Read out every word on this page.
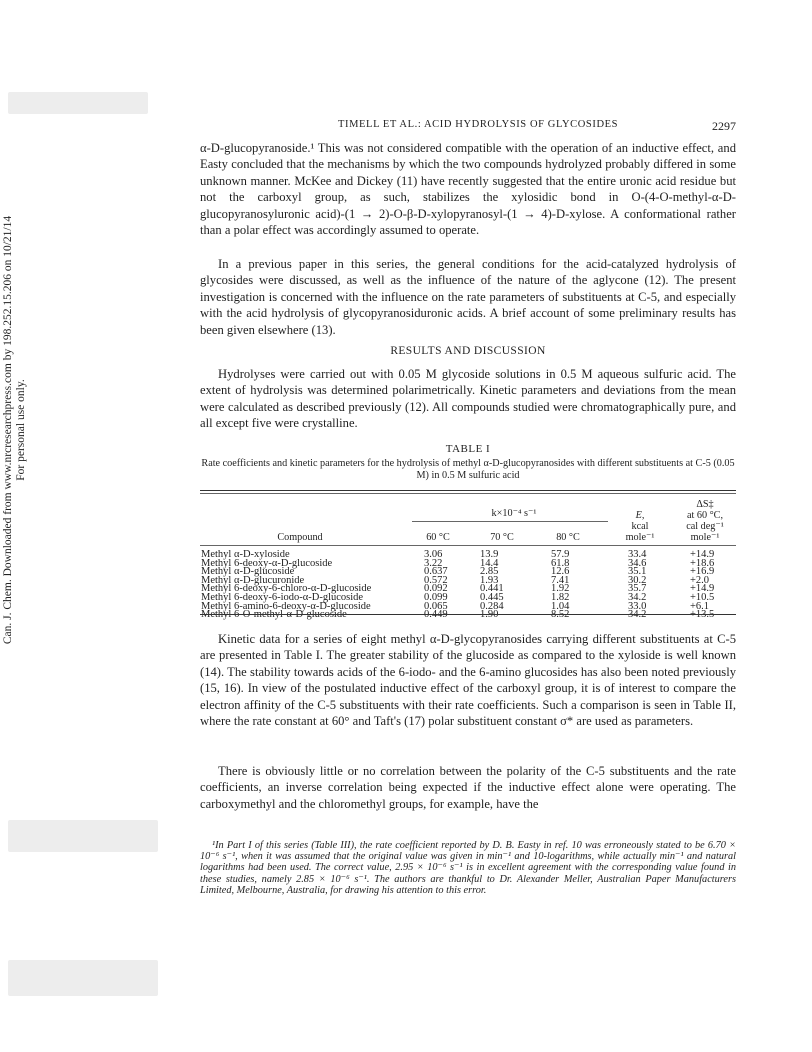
Can. J. Chem. Downloaded from www.nrcresearchpress.com by 198.252.15.206 on 10/21/14 For personal use only.
TIMELL ET AL.: ACID HYDROLYSIS OF GLYCOSIDES	2297

α-D-glucopyranoside.¹ This was not considered compatible with the operation of an inductive effect, and Easty concluded that the mechanisms by which the two compounds hydrolyzed probably differed in some unknown manner. McKee and Dickey (11) have recently suggested that the entire uronic acid residue but not the carboxyl group, as such, stabilizes the xylosidic bond in O-(4-O-methyl-α-D-glucopyranosyluronic acid)-(1 → 2)-O-β-D-xylopyranosyl-(1 → 4)-D-xylose. A conformational rather than a polar effect was accordingly assumed to operate.

In a previous paper in this series, the general conditions for the acid-catalyzed hydrolysis of glycosides were discussed, as well as the influence of the nature of the aglycone (12). The present investigation is concerned with the influence on the rate parameters of substituents at C-5, and especially with the acid hydrolysis of glycopyranosiduronic acids. A brief account of some preliminary results has been given elsewhere (13).

RESULTS AND DISCUSSION

Hydrolyses were carried out with 0.05 M glycoside solutions in 0.5 M aqueous sulfuric acid. The extent of hydrolysis was determined polarimetrically. Kinetic parameters and deviations from the mean were calculated as described previously (12). All compounds studied were chromatographically pure, and all except five were crystalline.

TABLE I
Rate coefficients and kinetic parameters for the hydrolysis of methyl α-D-glucopyranosides with different substituents at C-5 (0.05 M) in 0.5 M sulfuric acid
k×10⁻⁴ s⁻¹
Compound	60 °C	70 °C	80 °C
E,
kcal
mole⁻¹
ΔS‡
at 60 °C,
cal deg⁻¹
mole⁻¹
Methyl α-D-xyloside	3.06	13.9	57.9	33.4	+14.9
Methyl 6-deoxy-α-D-glucoside	3.22	14.4	61.8	34.6	+18.6
Methyl α-D-glucoside	0.637	2.85	12.6	35.1	+16.9
Methyl α-D-glucuronide	0.572	1.93	7.41	30.2	+2.0
Methyl 6-deoxy-6-chloro-α-D-glucoside	0.092	0.441	1.92	35.7	+14.9
Methyl 6-deoxy-6-iodo-α-D-glucoside	0.099	0.445	1.82	34.2	+10.5
Methyl 6-amino-6-deoxy-α-D-glucoside	0.065	0.284	1.04	33.0	+6.1
Methyl 6-O-methyl-α-D-glucoside	0.449	1.90	8.52	34.2	+13.5

Kinetic data for a series of eight methyl α-D-glycopyranosides carrying different substituents at C-5 are presented in Table I. The greater stability of the glucoside as compared to the xyloside is well known (14). The stability towards acids of the 6-iodo- and the 6-amino glucosides has also been noted previously (15, 16). In view of the postulated inductive effect of the carboxyl group, it is of interest to compare the electron affinity of the C-5 substituents with their rate coefficients. Such a comparison is seen in Table II, where the rate constant at 60° and Taft's (17) polar substituent constant σ* are used as parameters.

There is obviously little or no correlation between the polarity of the C-5 substituents and the rate coefficients, an inverse correlation being expected if the inductive effect alone were operating. The carboxymethyl and the chloromethyl groups, for example, have the

¹In Part I of this series (Table III), the rate coefficient reported by D. B. Easty in ref. 10 was erroneously stated to be 6.70 × 10⁻⁶ s⁻¹, when it was assumed that the original value was given in min⁻¹ and 10-logarithms, while actually min⁻¹ and natural logarithms had been used. The correct value, 2.95 × 10⁻⁶ s⁻¹ is in excellent agreement with the corresponding value found in these studies, namely 2.85 × 10⁻⁶ s⁻¹. The authors are thankful to Dr. Alexander Meller, Australian Paper Manufacturers Limited, Melbourne, Australia, for drawing his attention to this error.
